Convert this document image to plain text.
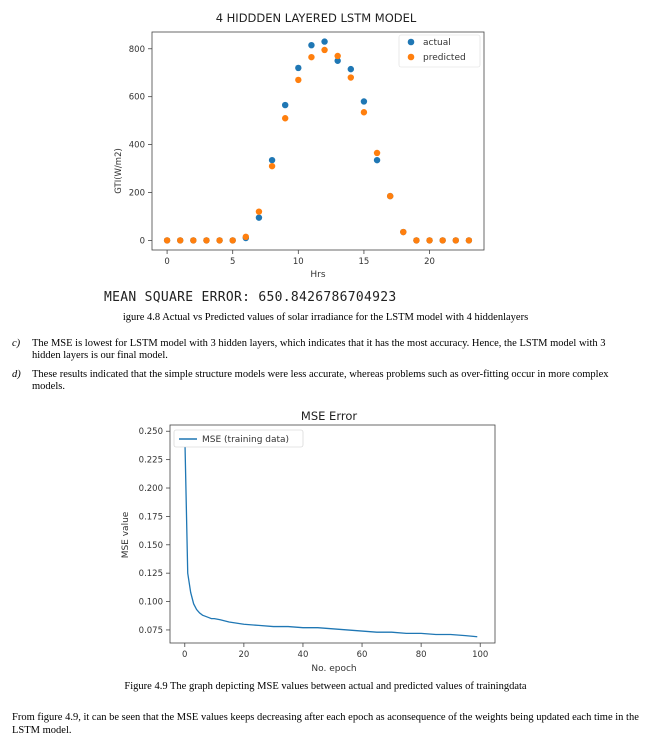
4 HIDDDEN LAYERED LSTM MODEL
0
200
400
600
800
0	5	10	15	20
Hrs
GTI(W/m2)
actual
predicted
MEAN SQUARE ERROR: 650.8426786704923
igure 4.8 Actual vs Predicted values of solar irradiance for the LSTM model with 4 hiddenlayers
c) The MSE is lowest for LSTM model with 3 hidden layers, which indicates that it has the most accuracy. Hence, the LSTM model with 3 hidden layers is our final model.
d) These results indicated that the simple structure models were less accurate, whereas problems such as over-fitting occur in more complex models.
MSE Error
0.075
0.100
0.125
0.150
0.175
0.200
0.225
0.250
0	20	40	60	80	100
No. epoch
MSE value
MSE (training data)
Figure 4.9 The graph depicting MSE values between actual and predicted values of trainingdata
From figure 4.9, it can be seen that the MSE values keeps decreasing after each epoch as aconsequence of the weights being updated each time in the LSTM model.
